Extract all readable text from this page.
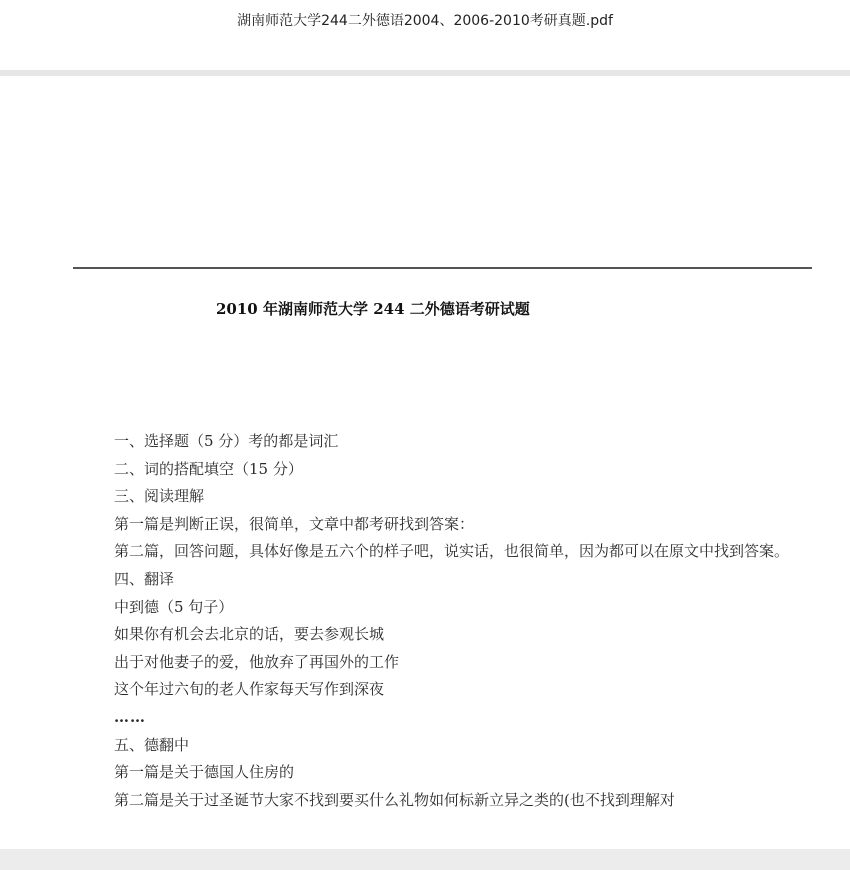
湖南师范大学244二外德语2004、2006-2010考研真题.pdf
2010 年湖南师范大学 244 二外德语考研试题
一、选择题（5 分）考的都是词汇
二、词的搭配填空（15 分）
三、阅读理解
第一篇是判断正误，很简单，文章中都考研找到答案：
第二篇，回答问题，具体好像是五六个的样子吧，说实话，也很简单，因为都可以在原文中找到答案。
四、翻译
中到德（5 句子）
如果你有机会去北京的话，要去参观长城
出于对他妻子的爱，他放弃了再国外的工作
这个年过六旬的老人作家每天写作到深夜
……
五、德翻中
第一篇是关于德国人住房的
第二篇是关于过圣诞节大家不找到要买什么礼物如何标新立异之类的(也不找到理解对
